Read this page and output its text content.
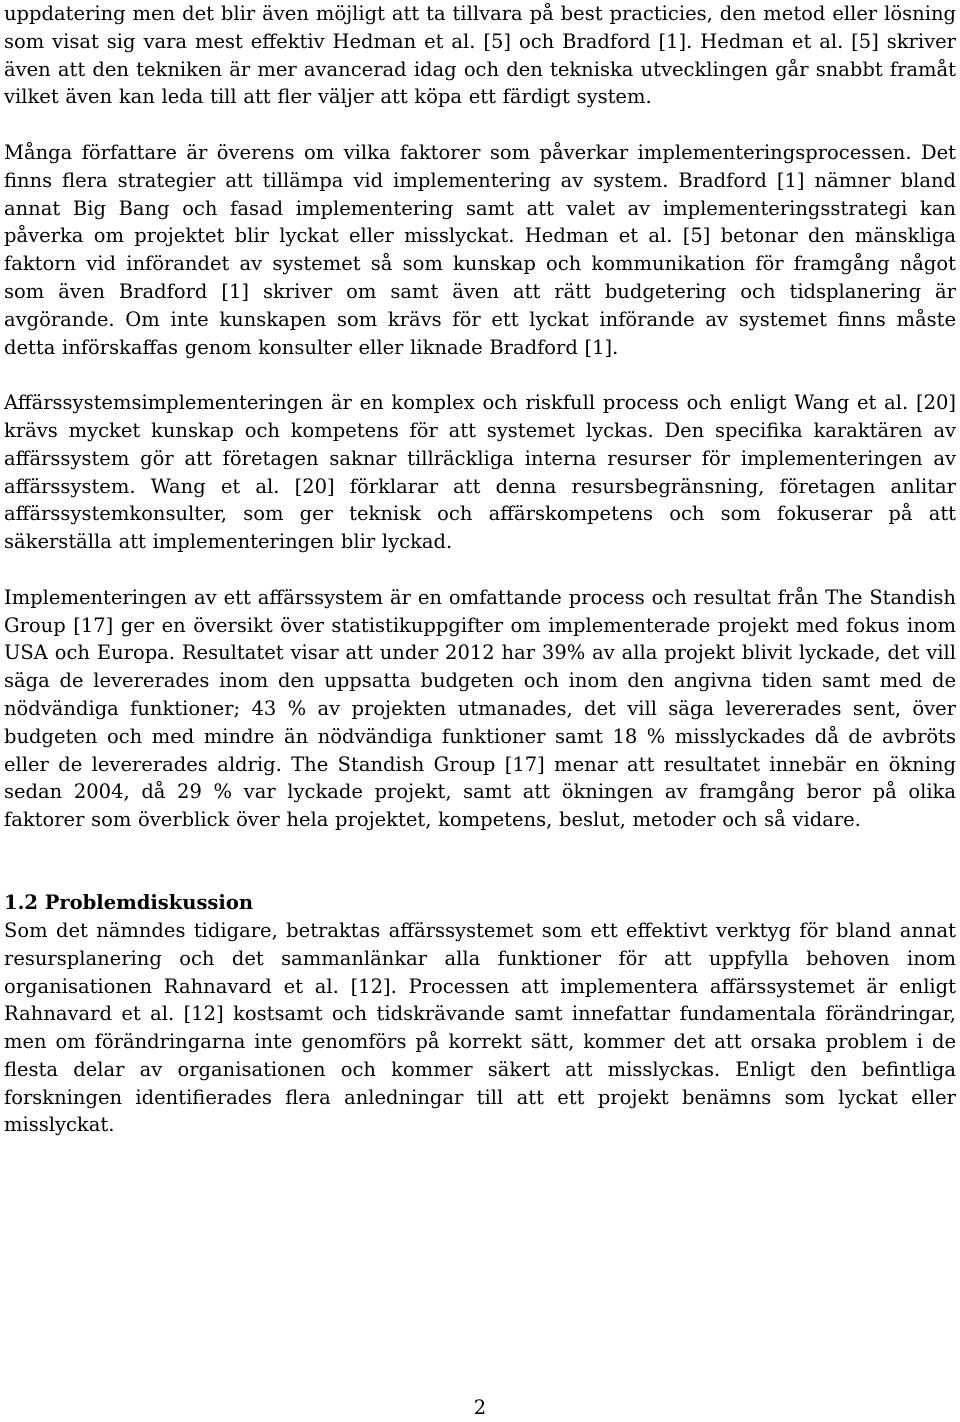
uppdatering men det blir även möjligt att ta tillvara på best practicies, den metod eller lösning som visat sig vara mest effektiv Hedman et al. [5] och Bradford [1]. Hedman et al. [5] skriver även att den tekniken är mer avancerad idag och den tekniska utvecklingen går snabbt framåt vilket även kan leda till att fler väljer att köpa ett färdigt system.

Många författare är överens om vilka faktorer som påverkar implementeringsprocessen. Det finns flera strategier att tillämpa vid implementering av system. Bradford [1] nämner bland annat Big Bang och fasad implementering samt att valet av implementeringsstrategi kan påverka om projektet blir lyckat eller misslyckat. Hedman et al. [5] betonar den mänskliga faktorn vid införandet av systemet så som kunskap och kommunikation för framgång något som även Bradford [1] skriver om samt även att rätt budgetering och tidsplanering är avgörande. Om inte kunskapen som krävs för ett lyckat införande av systemet finns måste detta införskaffas genom konsulter eller liknade Bradford [1].

Affärssystemsimplementeringen är en komplex och riskfull process och enligt Wang et al. [20] krävs mycket kunskap och kompetens för att systemet lyckas. Den specifika karaktären av affärssystem gör att företagen saknar tillräckliga interna resurser för implementeringen av affärssystem. Wang et al. [20] förklarar att denna resursbegränsning, företagen anlitar affärssystemkonsulter, som ger teknisk och affärskompetens och som fokuserar på att säkerställa att implementeringen blir lyckad.

Implementeringen av ett affärssystem är en omfattande process och resultat från The Standish Group [17] ger en översikt över statistikuppgifter om implementerade projekt med fokus inom USA och Europa. Resultatet visar att under 2012 har 39% av alla projekt blivit lyckade, det vill säga de levererades inom den uppsatta budgeten och inom den angivna tiden samt med de nödvändiga funktioner; 43 % av projekten utmanades, det vill säga levererades sent, över budgeten och med mindre än nödvändiga funktioner samt 18 % misslyckades då de avbröts eller de levererades aldrig. The Standish Group [17] menar att resultatet innebär en ökning sedan 2004, då 29 % var lyckade projekt, samt att ökningen av framgång beror på olika faktorer som överblick över hela projektet, kompetens, beslut, metoder och så vidare.

1.2 Problemdiskussion

Som det nämndes tidigare, betraktas affärssystemet som ett effektivt verktyg för bland annat resursplanering och det sammanlänkar alla funktioner för att uppfylla behoven inom organisationen Rahnavard et al. [12]. Processen att implementera affärssystemet är enligt Rahnavard et al. [12] kostsamt och tidskrävande samt innefattar fundamentala förändringar, men om förändringarna inte genomförs på korrekt sätt, kommer det att orsaka problem i de flesta delar av organisationen och kommer säkert att misslyckas. Enligt den befintliga forskningen identifierades flera anledningar till att ett projekt benämns som lyckat eller misslyckat.

2
